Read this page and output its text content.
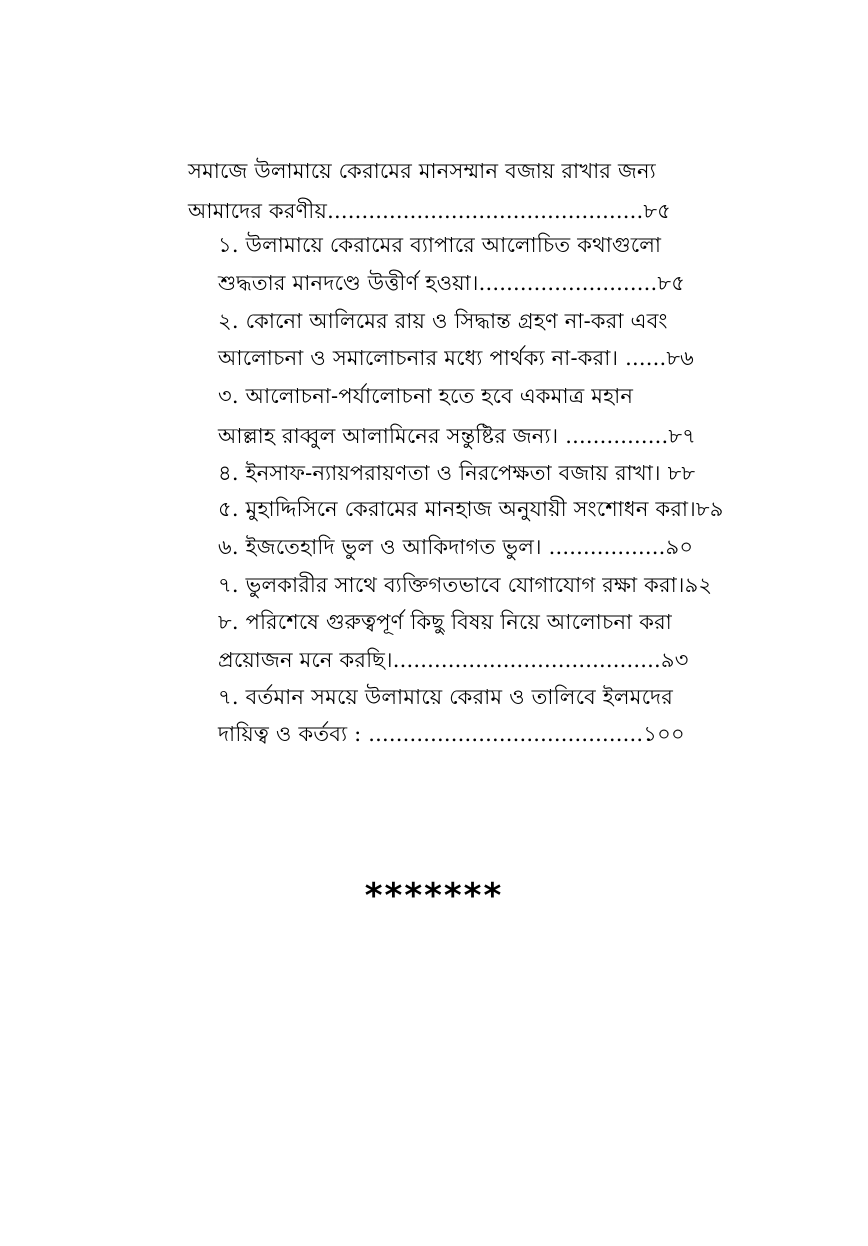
সমাজে উলামায়ে কেরামের মানসম্মান বজায় রাখার জন্য
আমাদের করণীয়..............................................৮৫
১. উলামায়ে কেরামের ব্যাপারে আলোচিত কথাগুলো
শুদ্ধতার মানদণ্ডে উত্তীর্ণ হওয়া।..........................৮৫
২. কোনো আলিমের রায় ও সিদ্ধান্ত গ্রহণ না-করা এবং
আলোচনা ও সমালোচনার মধ্যে পার্থক্য না-করা। ......৮৬
৩. আলোচনা-পর্যালোচনা হতে হবে একমাত্র মহান
আল্লাহ রাব্বুল আলামিনের সন্তুষ্টির জন্য। ...............৮৭
৪. ইনসাফ-ন্যায়পরায়ণতা ও নিরপেক্ষতা বজায় রাখা। ৮৮
৫. মুহাদ্দিসিনে কেরামের মানহাজ অনুযায়ী সংশোধন করা।৮৯
৬. ইজতেহাদি ভুল ও আকিদাগত ভুল। .................৯০
৭. ভুলকারীর সাথে ব্যক্তিগতভাবে যোগাযোগ রক্ষা করা।৯২
৮. পরিশেষে গুরুত্বপূর্ণ কিছু বিষয় নিয়ে আলোচনা করা
প্রয়োজন মনে করছি।.......................................৯৩
৭. বর্তমান সময়ে উলামায়ে কেরাম ও তালিবে ইলমদের
দায়িত্ব ও কর্তব্য : ........................................১০০
*******
